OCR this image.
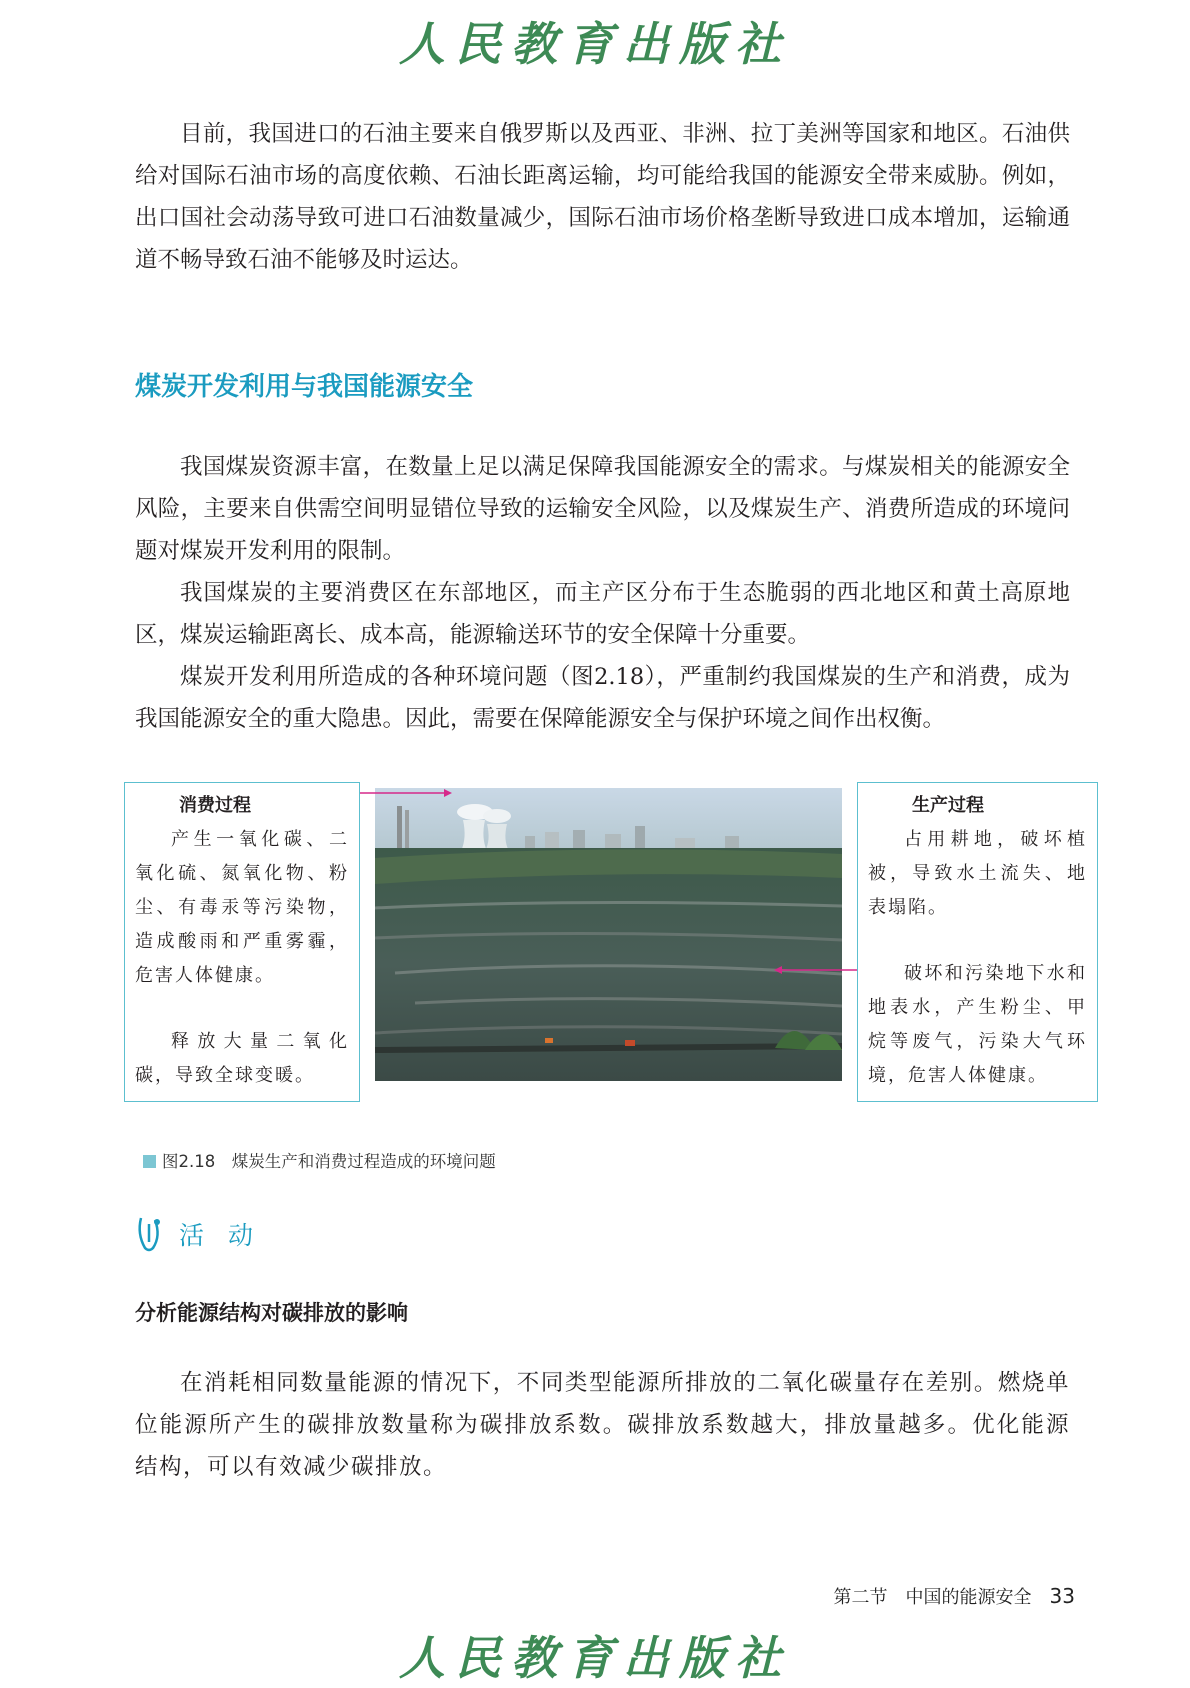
人民教育出版社

目前，我国进口的石油主要来自俄罗斯以及西亚、非洲、拉丁美洲等国家和地区。石油供给对国际石油市场的高度依赖、石油长距离运输，均可能给我国的能源安全带来威胁。例如，出口国社会动荡导致可进口石油数量减少，国际石油市场价格垄断导致进口成本增加，运输通道不畅导致石油不能够及时运达。

煤炭开发利用与我国能源安全

我国煤炭资源丰富，在数量上足以满足保障我国能源安全的需求。与煤炭相关的能源安全风险，主要来自供需空间明显错位导致的运输安全风险，以及煤炭生产、消费所造成的环境问题对煤炭开发利用的限制。

我国煤炭的主要消费区在东部地区，而主产区分布于生态脆弱的西北地区和黄土高原地区，煤炭运输距离长、成本高，能源输送环节的安全保障十分重要。

煤炭开发利用所造成的各种环境问题（图2.18），严重制约我国煤炭的生产和消费，成为我国能源安全的重大隐患。因此，需要在保障能源安全与保护环境之间作出权衡。

消费过程

产生一氧化碳、二氧化硫、氮氧化物、粉尘、有毒汞等污染物，造成酸雨和严重雾霾，危害人体健康。

释放大量二氧化碳，导致全球变暖。

生产过程

占用耕地，破坏植被，导致水土流失、地表塌陷。

破坏和污染地下水和地表水，产生粉尘、甲烷等废气，污染大气环境，危害人体健康。

图2.18　煤炭生产和消费过程造成的环境问题
活 动
分析能源结构对碳排放的影响

在消耗相同数量能源的情况下，不同类型能源所排放的二氧化碳量存在差别。燃烧单位能源所产生的碳排放数量称为碳排放系数。碳排放系数越大，排放量越多。优化能源结构，可以有效减少碳排放。

第二节　中国的能源安全 33
人民教育出版社
